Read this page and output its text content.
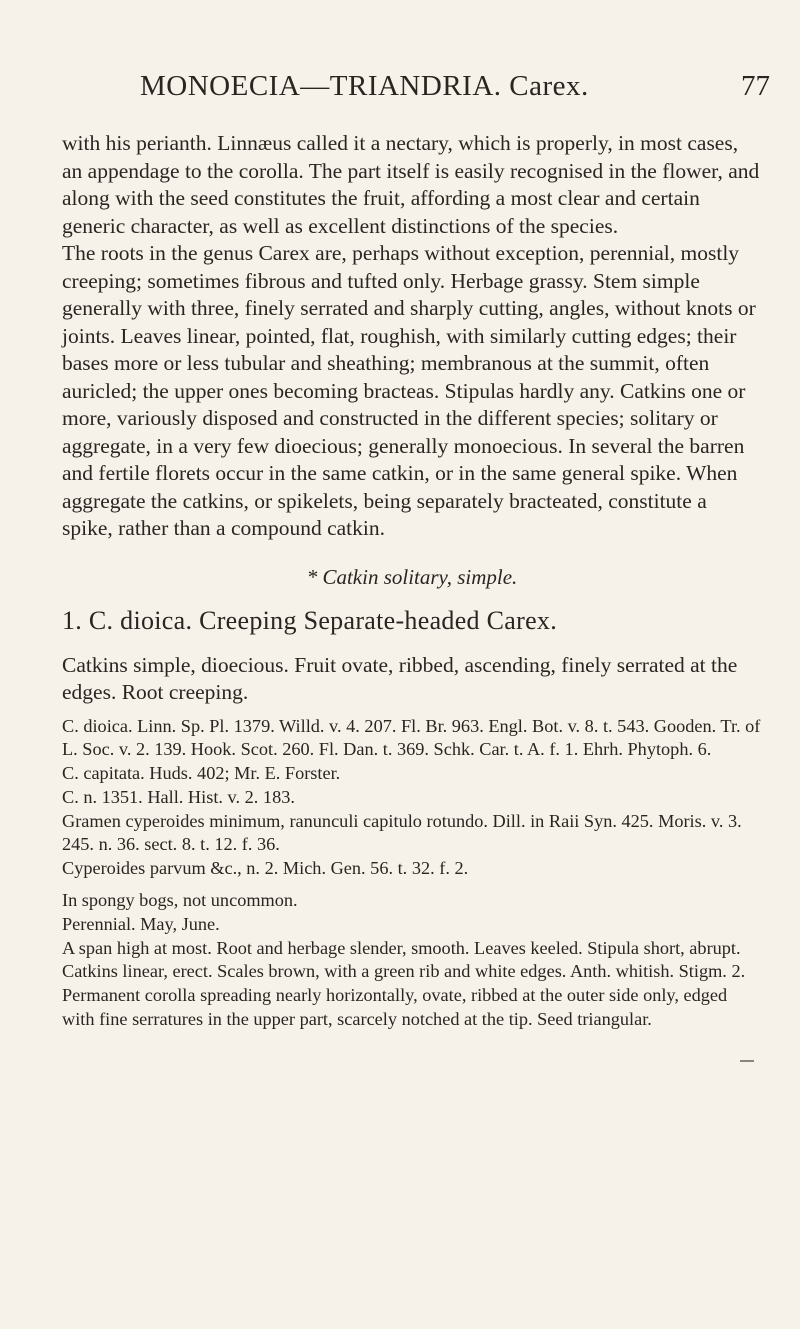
MONOECIA—TRIANDRIA. Carex.	77

with his perianth. Linnæus called it a nectary, which is properly, in most cases, an appendage to the corolla. The part itself is easily recognised in the flower, and along with the seed constitutes the fruit, affording a most clear and certain generic character, as well as excellent distinctions of the species.

The roots in the genus Carex are, perhaps without exception, perennial, mostly creeping; sometimes fibrous and tufted only. Herbage grassy. Stem simple generally with three, finely serrated and sharply cutting, angles, without knots or joints. Leaves linear, pointed, flat, roughish, with similarly cutting edges; their bases more or less tubular and sheathing; membranous at the summit, often auricled; the upper ones becoming bracteas. Stipulas hardly any. Catkins one or more, variously disposed and constructed in the different species; solitary or aggregate, in a very few dioecious; generally monoecious. In several the barren and fertile florets occur in the same catkin, or in the same general spike. When aggregate the catkins, or spikelets, being separately bracteated, constitute a spike, rather than a compound catkin.

* Catkin solitary, simple.
1. C. dioica. Creeping Separate-headed Carex.

Catkins simple, dioecious. Fruit ovate, ribbed, ascending, finely serrated at the edges. Root creeping.

C. dioica. Linn. Sp. Pl. 1379. Willd. v. 4. 207. Fl. Br. 963. Engl. Bot. v. 8. t. 543. Gooden. Tr. of L. Soc. v. 2. 139. Hook. Scot. 260. Fl. Dan. t. 369. Schk. Car. t. A. f. 1. Ehrh. Phytoph. 6.

C. capitata. Huds. 402; Mr. E. Forster.

C. n. 1351. Hall. Hist. v. 2. 183.

Gramen cyperoides minimum, ranunculi capitulo rotundo. Dill. in Raii Syn. 425. Moris. v. 3. 245. n. 36. sect. 8. t. 12. f. 36.

Cyperoides parvum &c., n. 2. Mich. Gen. 56. t. 32. f. 2.

In spongy bogs, not uncommon.

Perennial. May, June.

A span high at most. Root and herbage slender, smooth. Leaves keeled. Stipula short, abrupt. Catkins linear, erect. Scales brown, with a green rib and white edges. Anth. whitish. Stigm. 2. Permanent corolla spreading nearly horizontally, ovate, ribbed at the outer side only, edged with fine serratures in the upper part, scarcely notched at the tip. Seed triangular.
